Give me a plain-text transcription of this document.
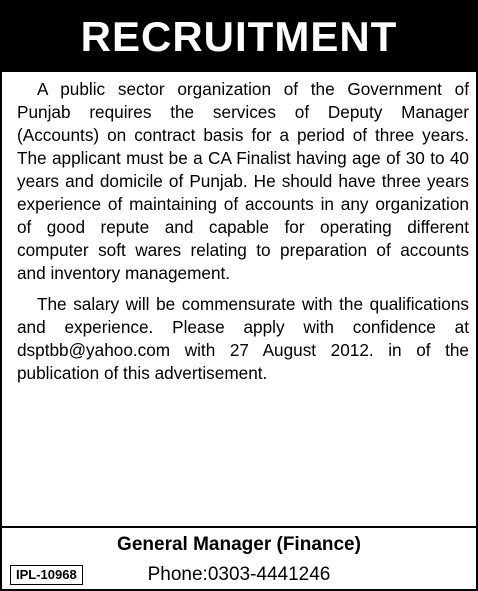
RECRUITMENT

A public sector organization of the Government of Punjab requires the services of Deputy Manager (Accounts) on contract basis for a period of three years. The applicant must be a CA Finalist having age of 30 to 40 years and domicile of Punjab. He should have three years experience of maintaining of accounts in any organization of good repute and capable for operating different computer soft wares relating to preparation of accounts and inventory management.

The salary will be commensurate with the qualifications and experience. Please apply with confidence at dsptbb@yahoo.com with 27 August 2012. in of the publication of this advertisement.

General Manager (Finance)
Phone:0303-4441246
IPL-10968
